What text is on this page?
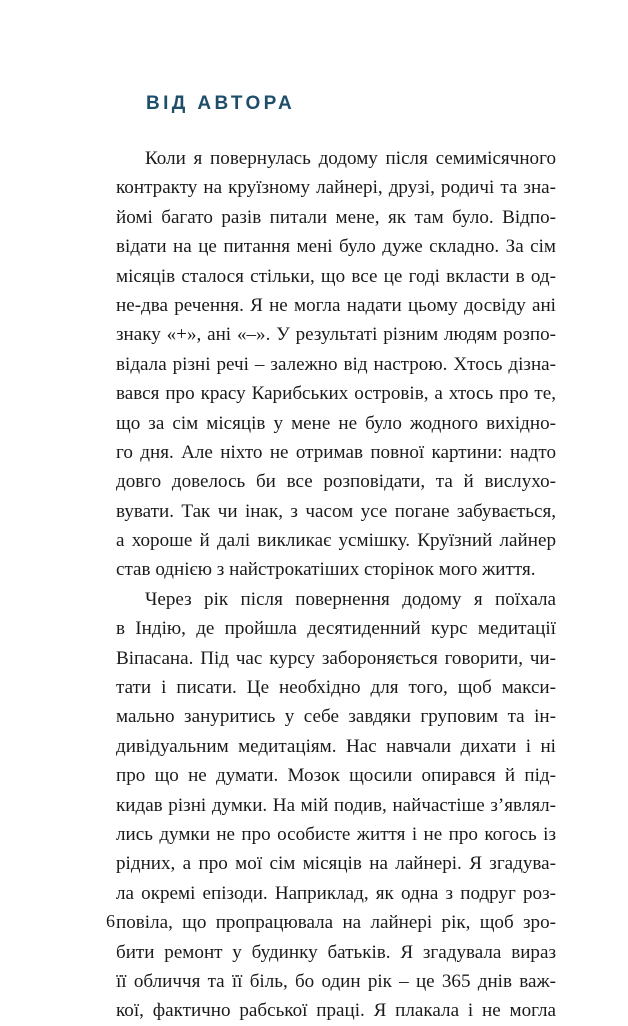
ВІД АВТОРА
Коли я повернулась додому після семимісячного
контракту на круїзному лайнері, друзі, родичі та зна-
йомі багато разів питали мене, як там було. Відпо-
відати на це питання мені було дуже складно. За сім
місяців сталося стільки, що все це годі вкласти в од-
не-два речення. Я не могла надати цьому досвіду ані
знаку «+», ані «–». У результаті різним людям розпо-
відала різні речі – залежно від настрою. Хтось дізна-
вався про красу Карибських островів, а хтось про те,
що за сім місяців у мене не було жодного вихідно-
го дня. Але ніхто не отримав повної картини: надто
довго довелось би все розповідати, та й вислухо-
вувати. Так чи інак, з часом усе погане забувається,
а хороше й далі викликає усмішку. Круїзний лайнер
став однією з найстрокатіших сторінок мого життя.
Через рік після повернення додому я поїхала
в Індію, де пройшла десятиденний курс медитації
Віпасана. Під час курсу забороняється говорити, чи-
тати і писати. Це необхідно для того, щоб макси-
мально зануритись у себе завдяки груповим та ін-
дивідуальним медитаціям. Нас навчали дихати і ні
про що не думати. Мозок щосили опирався й під-
кидав різні думки. На мій подив, найчастіше з’являл-
лись думки не про особисте життя і не про когось із
рідних, а про мої сім місяців на лайнері. Я згадува-
ла окремі епізоди. Наприклад, як одна з подруг роз-
повіла, що пропрацювала на лайнері рік, щоб зро-
бити ремонт у будинку батьків. Я згадувала вираз
її обличчя та її біль, бо один рік – це 365 днів важ-
кої, фактично рабської праці. Я плакала і не могла
6
